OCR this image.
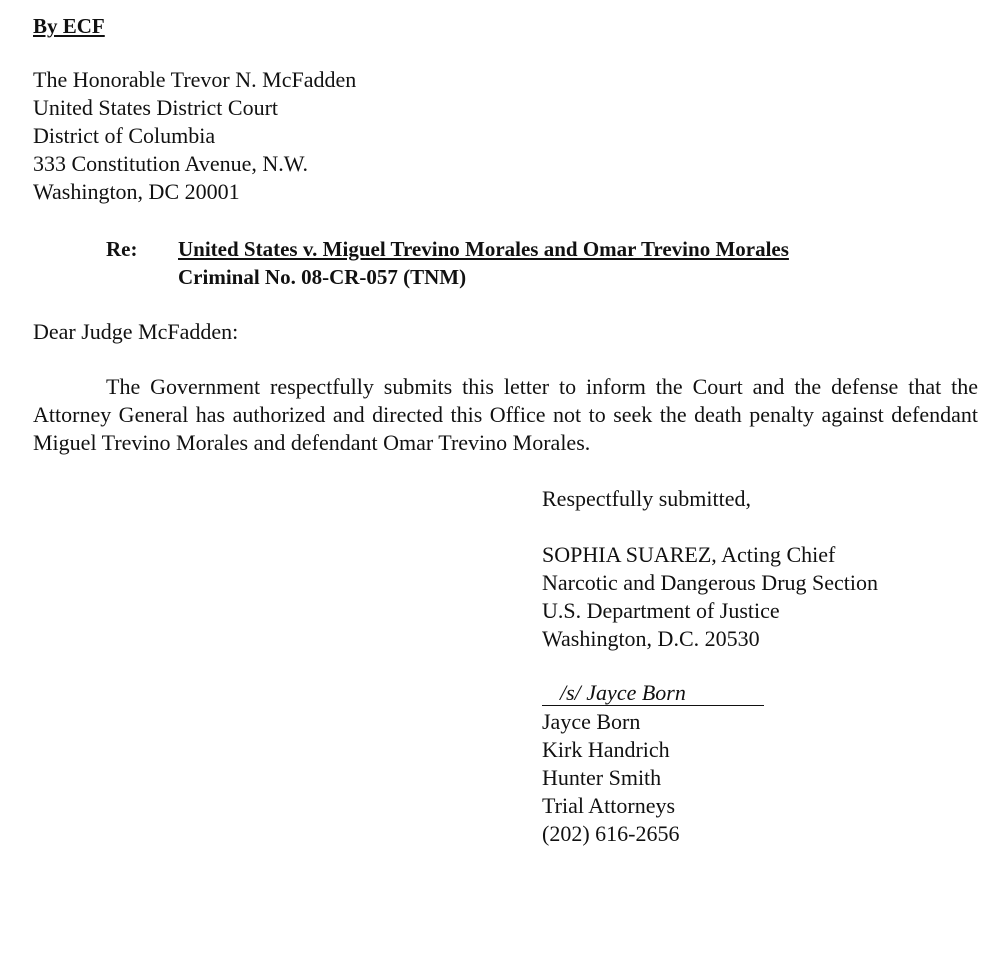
By ECF
The Honorable Trevor N. McFadden
United States District Court
District of Columbia
333 Constitution Avenue, N.W.
Washington, DC 20001
Re: United States v. Miguel Trevino Morales and Omar Trevino Morales
Criminal No. 08-CR-057 (TNM)
Dear Judge McFadden:
The Government respectfully submits this letter to inform the Court and the defense that the Attorney General has authorized and directed this Office not to seek the death penalty against defendant Miguel Trevino Morales and defendant Omar Trevino Morales.
Respectfully submitted,
SOPHIA SUAREZ, Acting Chief
Narcotic and Dangerous Drug Section
U.S. Department of Justice
Washington, D.C. 20530
/s/ Jayce Born
Jayce Born
Kirk Handrich
Hunter Smith
Trial Attorneys
(202) 616-2656
